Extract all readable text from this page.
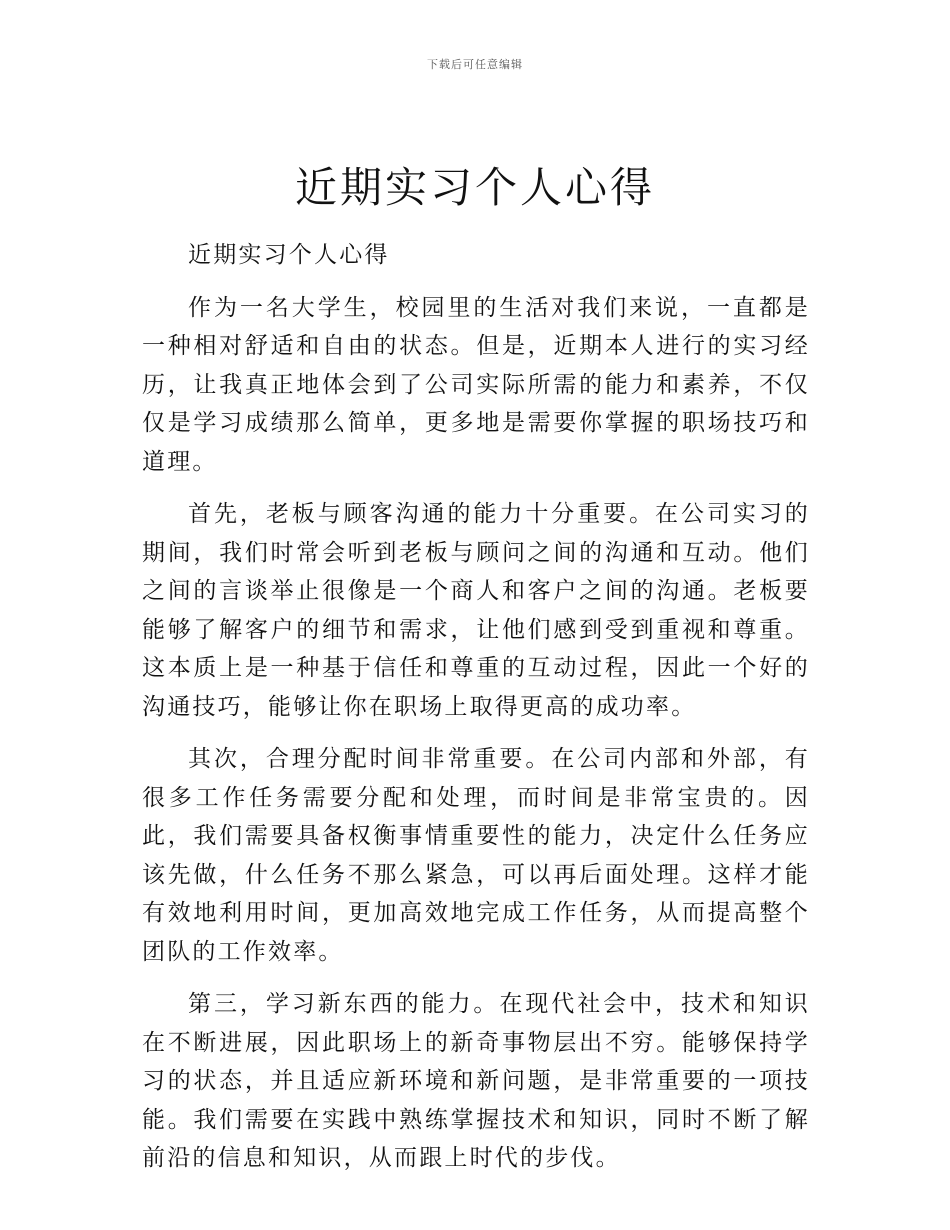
下载后可任意编辑
近期实习个人心得

近期实习个人心得

作为一名大学生，校园里的生活对我们来说，一直都是一种相对舒适和自由的状态。但是，近期本人进行的实习经历，让我真正地体会到了公司实际所需的能力和素养，不仅仅是学习成绩那么简单，更多地是需要你掌握的职场技巧和道理。

首先，老板与顾客沟通的能力十分重要。在公司实习的期间，我们时常会听到老板与顾问之间的沟通和互动。他们之间的言谈举止很像是一个商人和客户之间的沟通。老板要能够了解客户的细节和需求，让他们感到受到重视和尊重。这本质上是一种基于信任和尊重的互动过程，因此一个好的沟通技巧，能够让你在职场上取得更高的成功率。

其次，合理分配时间非常重要。在公司内部和外部，有很多工作任务需要分配和处理，而时间是非常宝贵的。因此，我们需要具备权衡事情重要性的能力，决定什么任务应该先做，什么任务不那么紧急，可以再后面处理。这样才能有效地利用时间，更加高效地完成工作任务，从而提高整个团队的工作效率。

第三，学习新东西的能力。在现代社会中，技术和知识在不断进展，因此职场上的新奇事物层出不穷。能够保持学习的状态，并且适应新环境和新问题，是非常重要的一项技能。我们需要在实践中熟练掌握技术和知识，同时不断了解前沿的信息和知识，从而跟上时代的步伐。
